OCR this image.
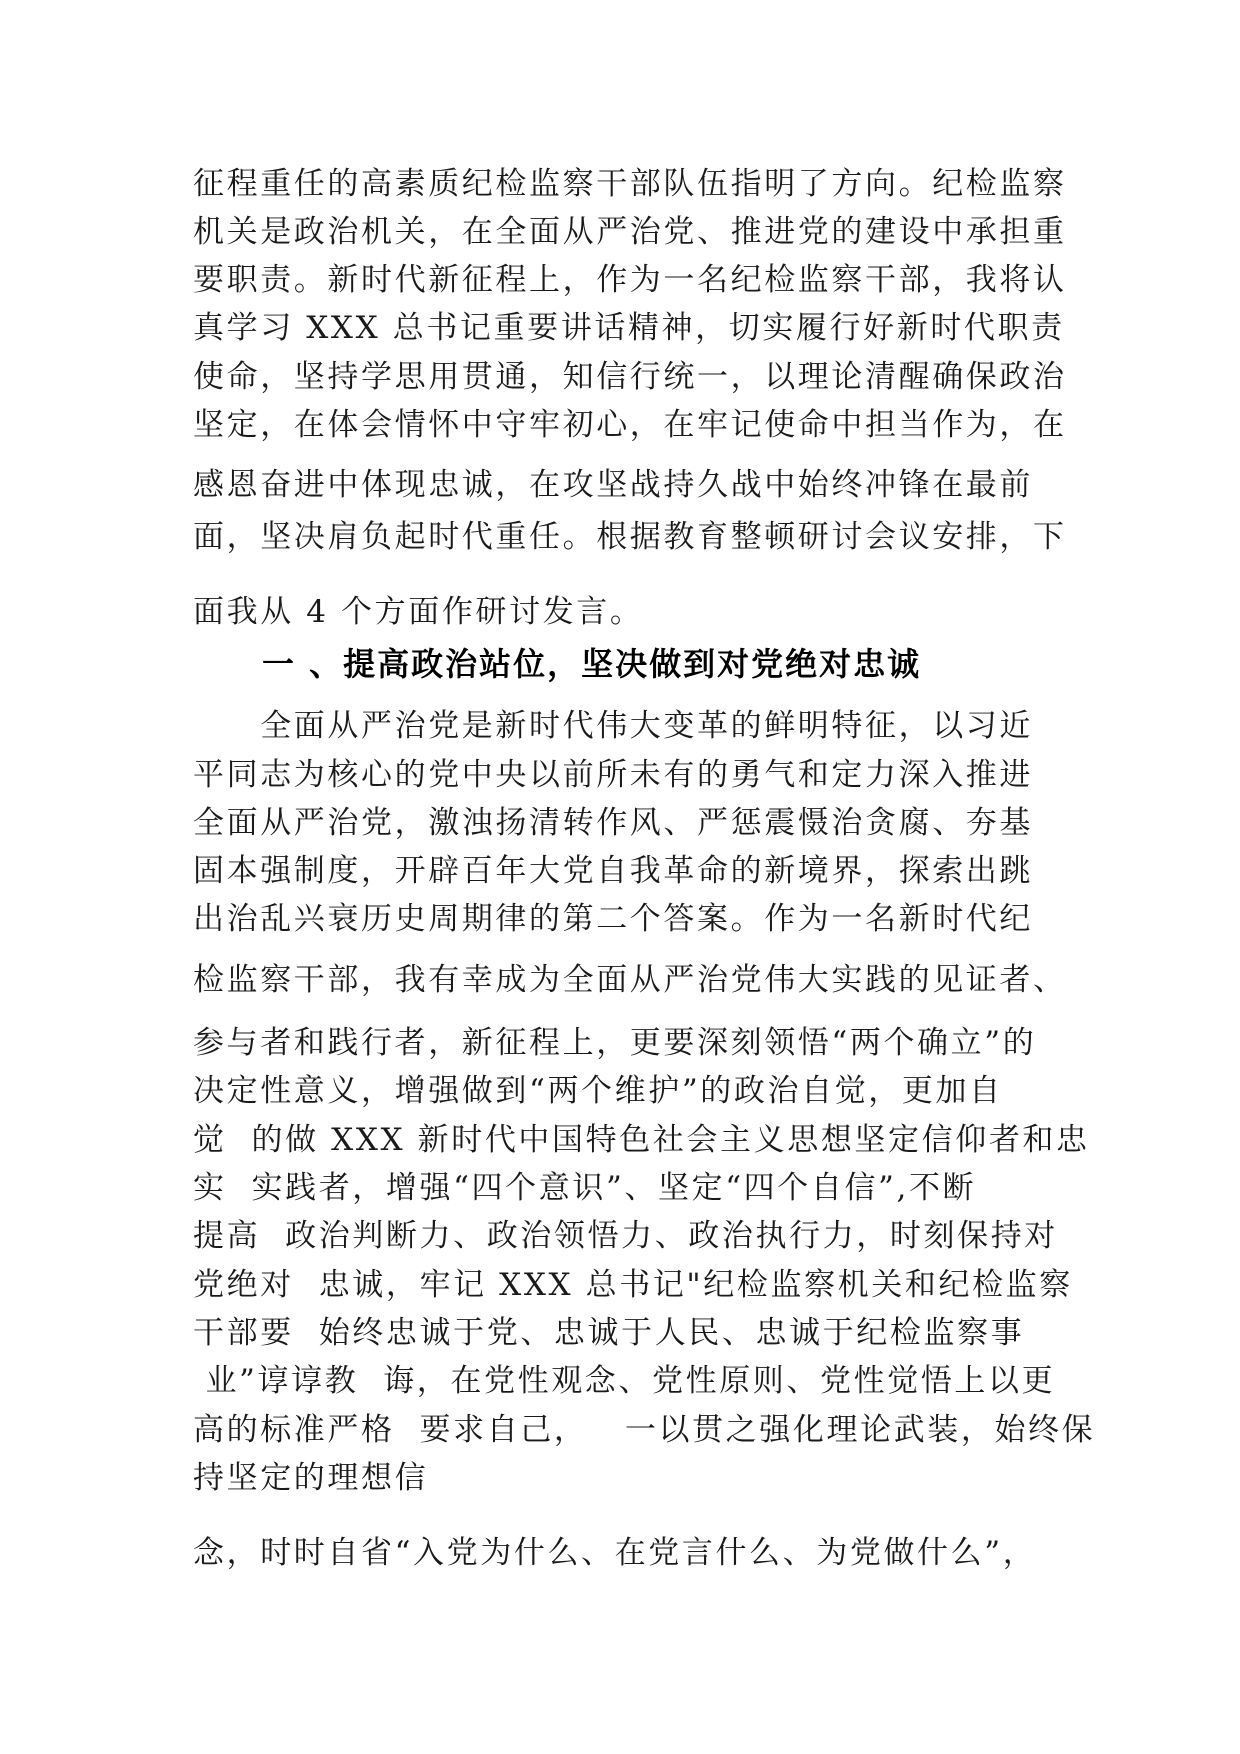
征程重任的高素质纪检监察干部队伍指明了方向。纪检监察
机关是政治机关，在全面从严治党、推进党的建设中承担重
要职责。新时代新征程上，作为一名纪检监察干部，我将认
真学习 XXX 总书记重要讲话精神，切实履行好新时代职责
使命，坚持学思用贯通，知信行统一，以理论清醒确保政治
坚定，在体会情怀中守牢初心，在牢记使命中担当作为，在
感恩奋进中体现忠诚，在攻坚战持久战中始终冲锋在最前
面，坚决肩负起时代重任。根据教育整顿研讨会议安排，下
面我从 4 个方面作研讨发言。
一 、提高政治站位，坚决做到对党绝对忠诚
　　全面从严治党是新时代伟大变革的鲜明特征，以习近
平同志为核心的党中央以前所未有的勇气和定力深入推进
全面从严治党，激浊扬清转作风、严惩震慑治贪腐、夯基
固本强制度，开辟百年大党自我革命的新境界，探索出跳
出治乱兴衰历史周期律的第二个答案。作为一名新时代纪
检监察干部，我有幸成为全面从严治党伟大实践的见证者、
参与者和践行者，新征程上，更要深刻领悟“两个确立”的
决定性意义，增强做到“两个维护”的政治自觉，更加自
觉  的做 XXX 新时代中国特色社会主义思想坚定信仰者和忠
实  实践者，增强“四个意识”、坚定“四个自信”,不断
提高  政治判断力、政治领悟力、政治执行力，时刻保持对
党绝对  忠诚，牢记 XXX 总书记"纪检监察机关和纪检监察
干部要  始终忠诚于党、忠诚于人民、忠诚于纪检监察事
业”谆谆教  诲，在党性观念、党性原则、党性觉悟上以更
高的标准严格  要求自己，   一以贯之强化理论武装，始终保
持坚定的理想信
念，时时自省“入党为什么、在党言什么、为党做什么”，
